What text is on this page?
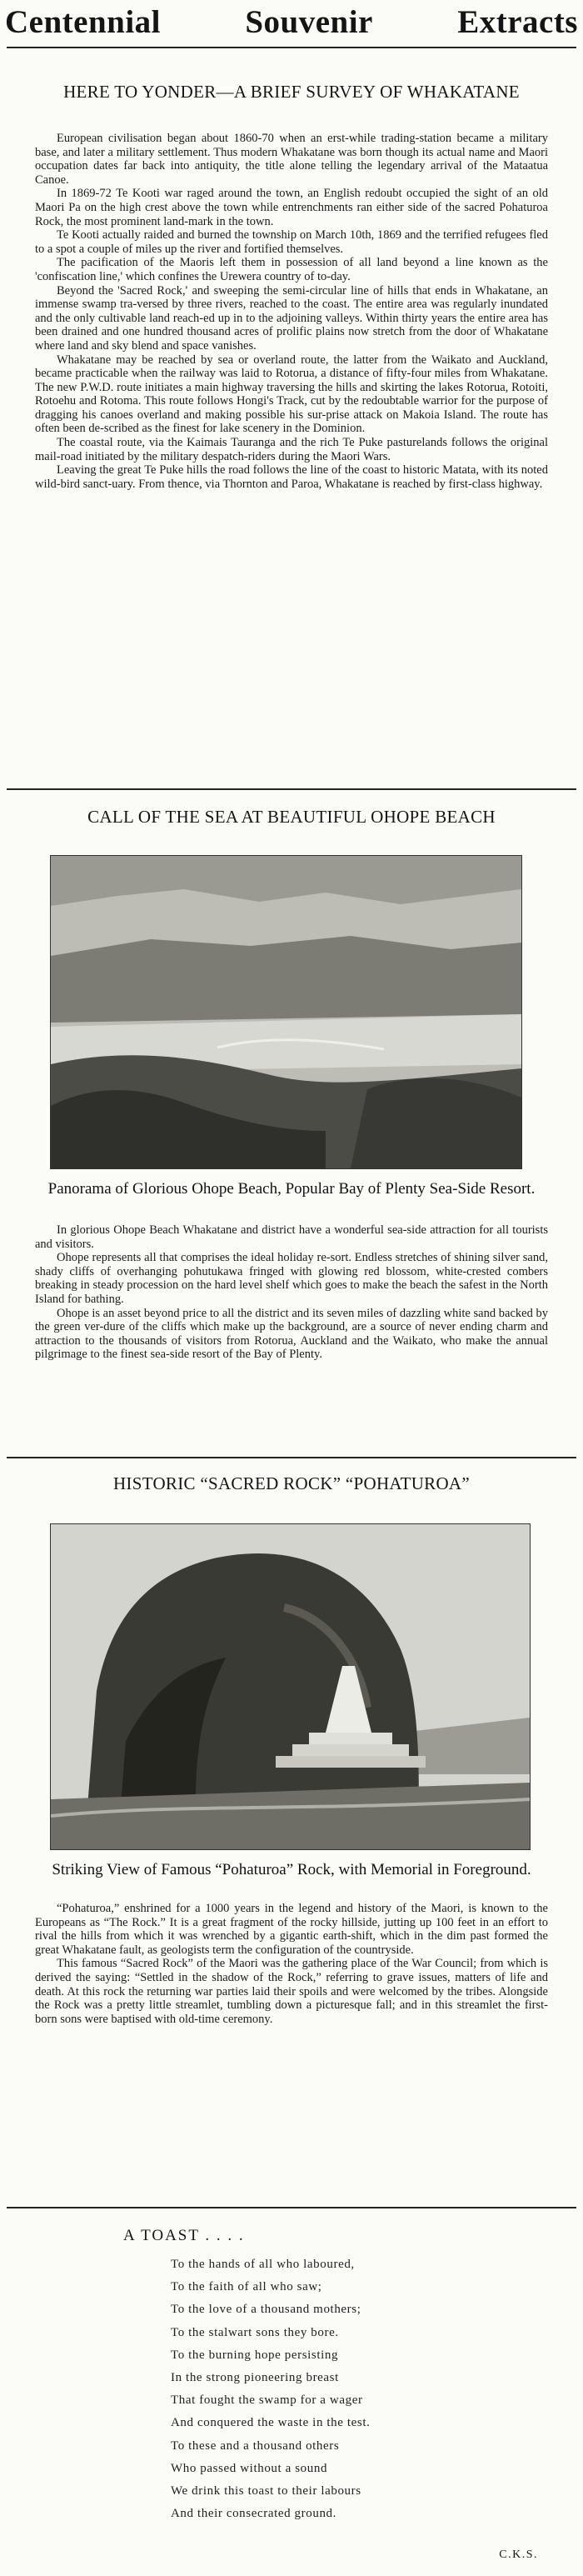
Centennial	Souvenir	Extracts
HERE TO YONDER—A BRIEF SURVEY OF WHAKATANE

European civilisation began about 1860-70 when an erst-while trading-station became a military base, and later a military settlement. Thus modern Whakatane was born though its actual name and Maori occupation dates far back into antiquity, the title alone telling the legendary arrival of the Mataatua Canoe.

In 1869-72 Te Kooti war raged around the town, an English redoubt occupied the sight of an old Maori Pa on the high crest above the town while entrenchments ran either side of the sacred Pohaturoa Rock, the most prominent land-mark in the town.

Te Kooti actually raided and burned the township on March 10th, 1869 and the terrified refugees fled to a spot a couple of miles up the river and fortified themselves.

The pacification of the Maoris left them in possession of all land beyond a line known as the 'confiscation line,' which confines the Urewera country of to-day.

Beyond the 'Sacred Rock,' and sweeping the semi-circular line of hills that ends in Whakatane, an immense swamp tra-versed by three rivers, reached to the coast. The entire area was regularly inundated and the only cultivable land reach-ed up in to the adjoining valleys. Within thirty years the entire area has been drained and one hundred thousand acres of prolific plains now stretch from the door of Whakatane where land and sky blend and space vanishes.

Whakatane may be reached by sea or overland route, the latter from the Waikato and Auckland, became practicable when the railway was laid to Rotorua, a distance of fifty-four miles from Whakatane. The new P.W.D. route initiates a main highway traversing the hills and skirting the lakes Rotorua, Rotoiti, Rotoehu and Rotoma. This route follows Hongi's Track, cut by the redoubtable warrior for the purpose of dragging his canoes overland and making possible his sur-prise attack on Makoia Island. The route has often been de-scribed as the finest for lake scenery in the Dominion.

The coastal route, via the Kaimais Tauranga and the rich Te Puke pasturelands follows the original mail-road initiated by the military despatch-riders during the Maori Wars.

Leaving the great Te Puke hills the road follows the line of the coast to historic Matata, with its noted wild-bird sanct-uary. From thence, via Thornton and Paroa, Whakatane is reached by first-class highway.

CALL OF THE SEA AT BEAUTIFUL OHOPE BEACH
Panorama of Glorious Ohope Beach, Popular Bay of Plenty Sea-Side Resort.

In glorious Ohope Beach Whakatane and district have a wonderful sea-side attraction for all tourists and visitors.

Ohope represents all that comprises the ideal holiday re-sort. Endless stretches of shining silver sand, shady cliffs of overhanging pohutukawa fringed with glowing red blossom, white-crested combers breaking in steady procession on the hard level shelf which goes to make the beach the safest in the North Island for bathing.

Ohope is an asset beyond price to all the district and its seven miles of dazzling white sand backed by the green ver-dure of the cliffs which make up the background, are a source of never ending charm and attraction to the thousands of visitors from Rotorua, Auckland and the Waikato, who make the annual pilgrimage to the finest sea-side resort of the Bay of Plenty.

HISTORIC “SACRED ROCK” “POHATUROA”
Striking View of Famous “Pohaturoa” Rock, with Memorial in Foreground.

“Pohaturoa,” enshrined for a 1000 years in the legend and history of the Maori, is known to the Europeans as “The Rock.” It is a great fragment of the rocky hillside, jutting up 100 feet in an effort to rival the hills from which it was wrenched by a gigantic earth-shift, which in the dim past formed the great Whakatane fault, as geologists term the configuration of the countryside.

This famous “Sacred Rock” of the Maori was the gathering place of the War Council; from which is derived the saying: “Settled in the shadow of the Rock,” referring to grave issues, matters of life and death. At this rock the returning war parties laid their spoils and were welcomed by the tribes. Alongside the Rock was a pretty little streamlet, tumbling down a picturesque fall; and in this streamlet the first-born sons were baptised with old-time ceremony.

A TOAST . . . .
To the hands of all who laboured,
To the faith of all who saw;
To the love of a thousand mothers;
To the stalwart sons they bore.
To the burning hope persisting
In the strong pioneering breast
That fought the swamp for a wager
And conquered the waste in the test.
To these and a thousand others
Who passed without a sound
We drink this toast to their labours
And their consecrated ground.
C.K.S.
